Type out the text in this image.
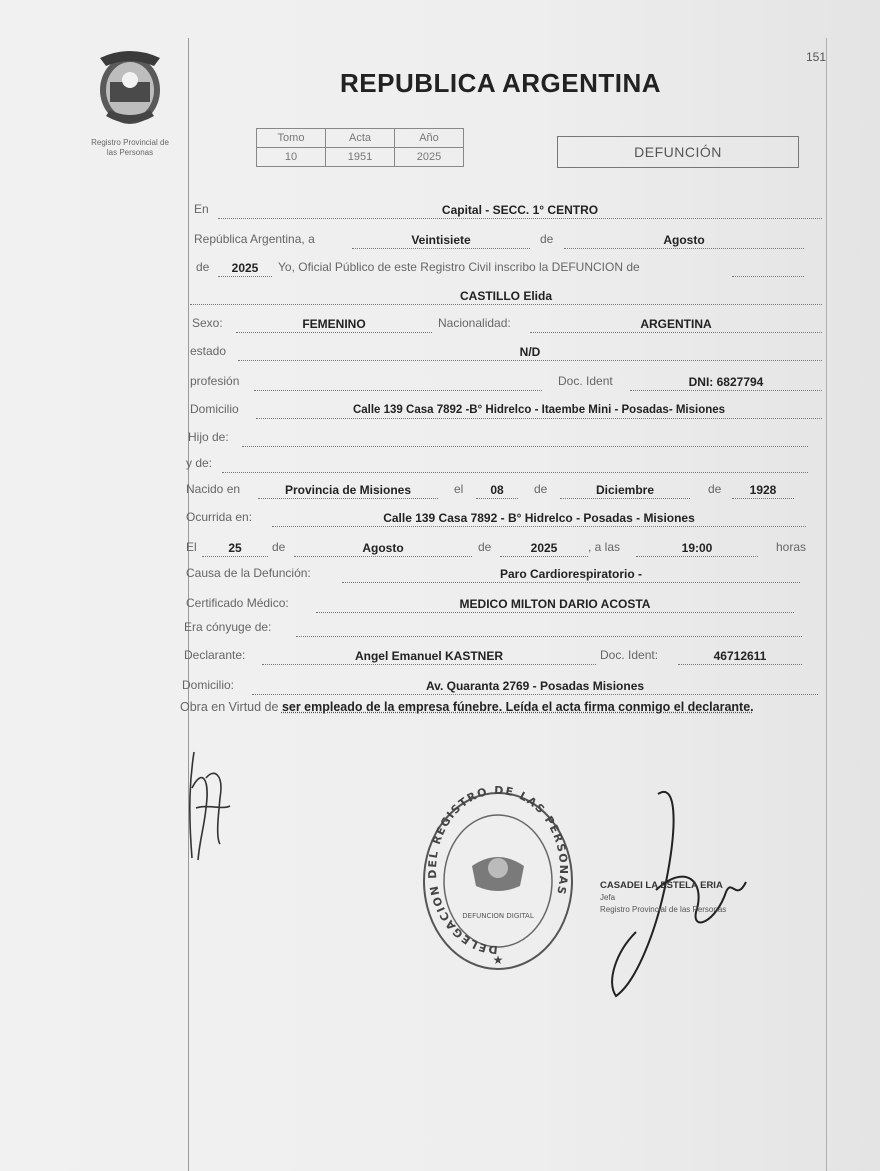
151
Registro Provincial de
las Personas
REPUBLICA ARGENTINA
Tomo	Acta	Año
10	1951	2025	DEFUNCIÓN
En	Capital - SECC. 1° CENTRO
República Argentina, a	Veintisiete	de	Agosto
de	2025	Yo, Oficial Público de este Registro Civil inscribo la DEFUNCION de
CASTILLO Elida
Sexo:	FEMENINO	Nacionalidad:	ARGENTINA
estado	N/D
profesión	Doc. Ident	DNI: 6827794
Domicilio	Calle 139 Casa 7892 -B° Hidrelco - Itaembe Mini - Posadas- Misiones
Hijo de:
y de:
Nacido en	Provincia de Misiones	el	08	de	Diciembre	de	1928
Ocurrida en:	Calle 139 Casa 7892 - B° Hidrelco - Posadas - Misiones
El	25	de	Agosto	de	2025	, a las	19:00	horas
Causa de la Defunción:	Paro Cardiorespiratorio -
Certificado Médico:	MEDICO MILTON DARIO ACOSTA
Era cónyuge de:
Declarante:	Angel Emanuel KASTNER	Doc. Ident:	46712611
Domicilio:	Av. Quaranta 2769 - Posadas Misiones
Obra en Virtud de ser empleado de la empresa fúnebre. Leída el acta firma conmigo el declarante.
DELEGACION DEL REGISTRO DE LAS PERSONAS
DEFUNCION DIGITAL
★
CASADEI LA ESTELA ERIA
Jefa
Registro Provincial de las Personas
